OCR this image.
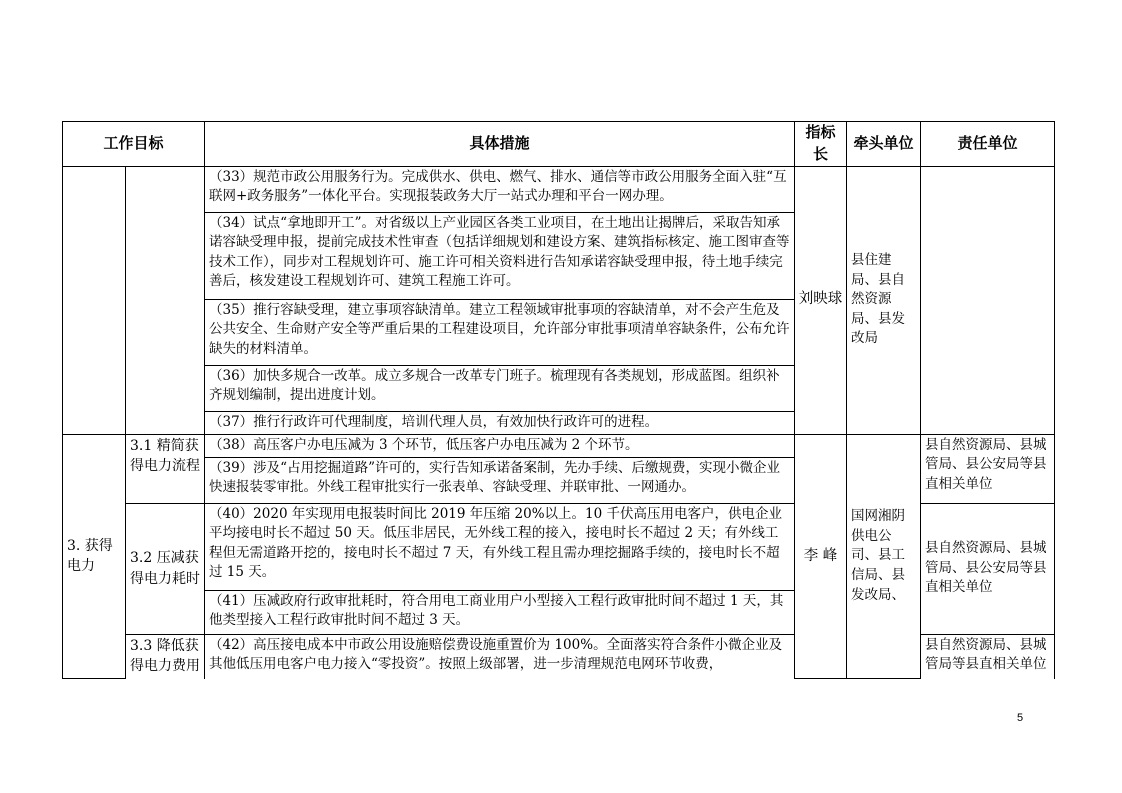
工作目标		具体措施	指标长	牵头单位	责任单位
		（33）规范市政公用服务行为。完成供水、供电、燃气、排水、通信等市政公用服务全面入驻“互联网+政务服务”一体化平台。实现报装政务大厅一站式办理和平台一网办理。	刘映球	县住建局、县自然资源局、县发改局	
		（34）试点“拿地即开工”。对省级以上产业园区各类工业项目，在土地出让揭牌后，采取告知承诺容缺受理申报，提前完成技术性审查（包括详细规划和建设方案、建筑指标核定、施工图审查等技术工作），同步对工程规划许可、施工许可相关资料进行告知承诺容缺受理申报，待土地手续完善后，核发建设工程规划许可、建筑工程施工许可。			
		（35）推行容缺受理，建立事项容缺清单。建立工程领域审批事项的容缺清单，对不会产生危及公共安全、生命财产安全等严重后果的工程建设项目，允许部分审批事项清单容缺条件，公布允许缺失的材料清单。			
		（36）加快多规合一改革。成立多规合一改革专门班子。梳理现有各类规划，形成蓝图。组织补齐规划编制，提出进度计划。			
		（37）推行行政许可代理制度，培训代理人员，有效加快行政许可的进程。			
3. 获得电力	3.1 精简获得电力流程	（38）高压客户办电压减为 3 个环节，低压客户办电压减为 2 个环节。	李 峰	国网湘阴供电公司、县工信局、县发改局、	县自然资源局、县城管局、县公安局等县直相关单位
		（39）涉及“占用挖掘道路”许可的，实行告知承诺备案制，先办手续、后缴规费，实现小微企业快速报装零审批。外线工程审批实行一张表单、容缺受理、并联审批、一网通办。			
	3.2 压减获得电力耗时	（40）2020 年实现用电报装时间比 2019 年压缩 20%以上。10 千伏高压用电客户，供电企业平均接电时长不超过 50 天。低压非居民，无外线工程的接入，接电时长不超过 2 天；有外线工程但无需道路开挖的，接电时长不超过 7 天，有外线工程且需办理挖掘路手续的，接电时长不超过 15 天。			县自然资源局、县城管局、县公安局等县直相关单位
		（41）压减政府行政审批耗时，符合用电工商业用户小型接入工程行政审批时间不超过 1 天，其他类型接入工程行政审批时间不超过 3 天。			
	3.3 降低获得电力费用	（42）高压接电成本中市政公用设施赔偿费设施重置价为 100%。全面落实符合条件小微企业及其他低压用电客户电力接入“零投资”。按照上级部署，进一步清理规范电网环节收费，			县自然资源局、县城管局等县直相关单位
5
